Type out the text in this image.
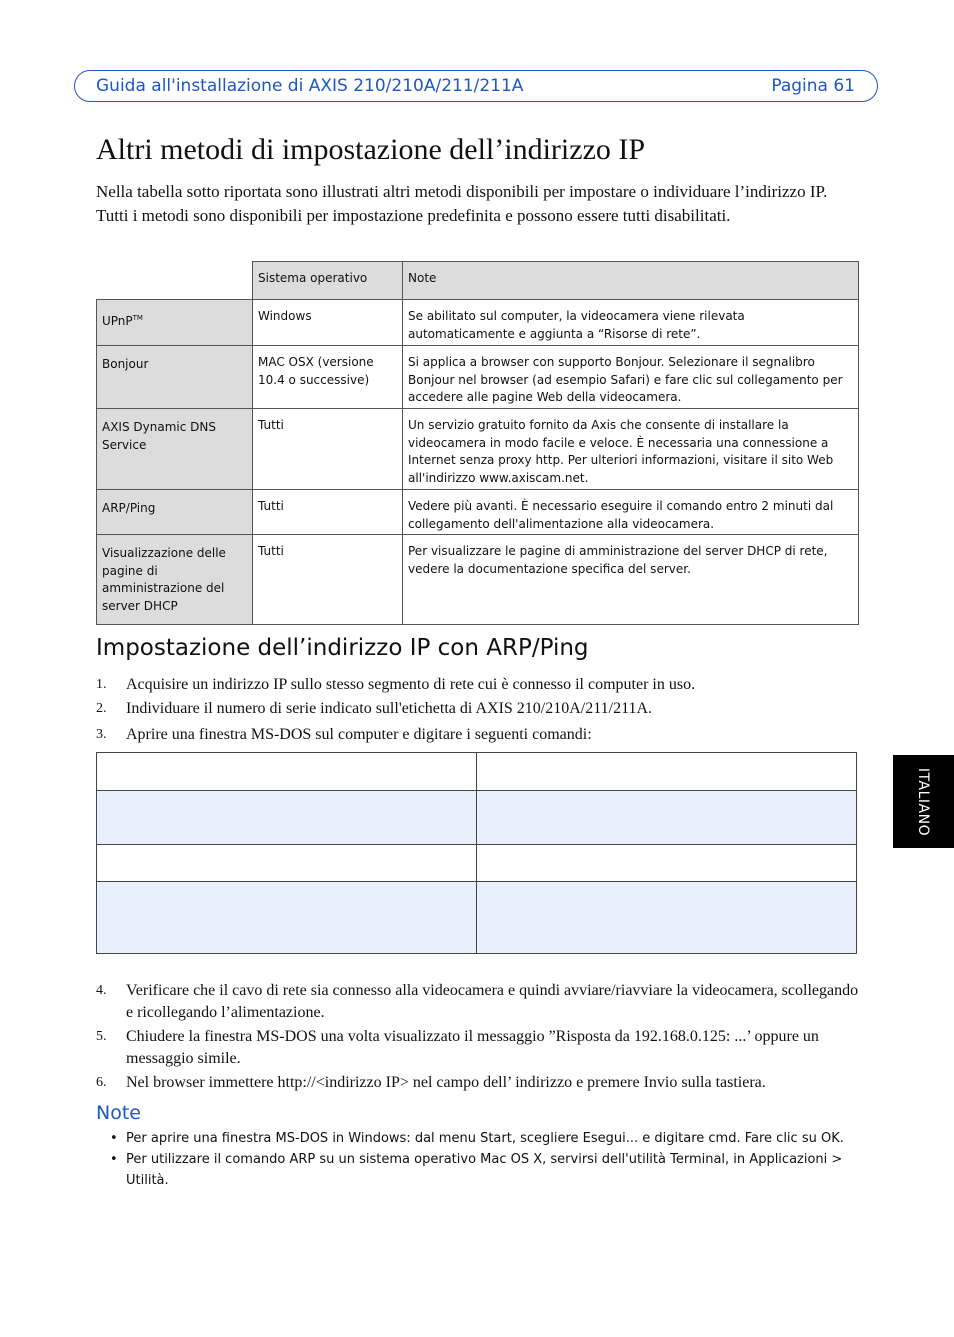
Guida all'installazione di AXIS 210/210A/211/211A	Pagina 61
Altri metodi di impostazione dell’indirizzo IP

Nella tabella sotto riportata sono illustrati altri metodi disponibili per impostare o individuare l’indirizzo IP. Tutti i metodi sono disponibili per impostazione predefinita e possono essere tutti disabilitati.

	Sistema operativo	Note
UPnP™	Windows	Se abilitato sul computer, la videocamera viene rilevata automaticamente e aggiunta a “Risorse di rete”.
Bonjour	MAC OSX (versione 10.4 o successive)	Si applica a browser con supporto Bonjour. Selezionare il segnalibro Bonjour nel browser (ad esempio Safari) e fare clic sul collegamento per accedere alle pagine Web della videocamera.
AXIS Dynamic DNS Service	Tutti	Un servizio gratuito fornito da Axis che consente di installare la videocamera in modo facile e veloce. È necessaria una connessione a Internet senza proxy http. Per ulteriori informazioni, visitare il sito Web all'indirizzo www.axiscam.net.
ARP/Ping	Tutti	Vedere più avanti. È necessario eseguire il comando entro 2 minuti dal collegamento dell'alimentazione alla videocamera.
Visualizzazione delle pagine di amministrazione del server DHCP	Tutti	Per visualizzare le pagine di amministrazione del server DHCP di rete, vedere la documentazione specifica del server.
Impostazione dell’indirizzo IP con ARP/Ping
1.	Acquisire un indirizzo IP sullo stesso segmento di rete cui è connesso il computer in uso.
2.	Individuare il numero di serie indicato sull'etichetta di AXIS 210/210A/211/211A.
3.	Aprire una finestra MS-DOS sul computer e digitare i seguenti comandi:

4.	Verificare che il cavo di rete sia connesso alla videocamera e quindi avviare/riavviare la videocamera, scollegando e ricollegando l’alimentazione.
5.	Chiudere la finestra MS-DOS una volta visualizzato il messaggio ”Risposta da 192.168.0.125: ...’ oppure un messaggio simile.
6.	Nel browser immettere http://<indirizzo IP> nel campo dell’ indirizzo e premere Invio sulla tastiera.
Note
• Per aprire una finestra MS-DOS in Windows: dal menu Start, scegliere Esegui... e digitare cmd. Fare clic su OK.
• Per utilizzare il comando ARP su un sistema operativo Mac OS X, servirsi dell'utilità Terminal, in Applicazioni > Utilità.
ITALIANO
